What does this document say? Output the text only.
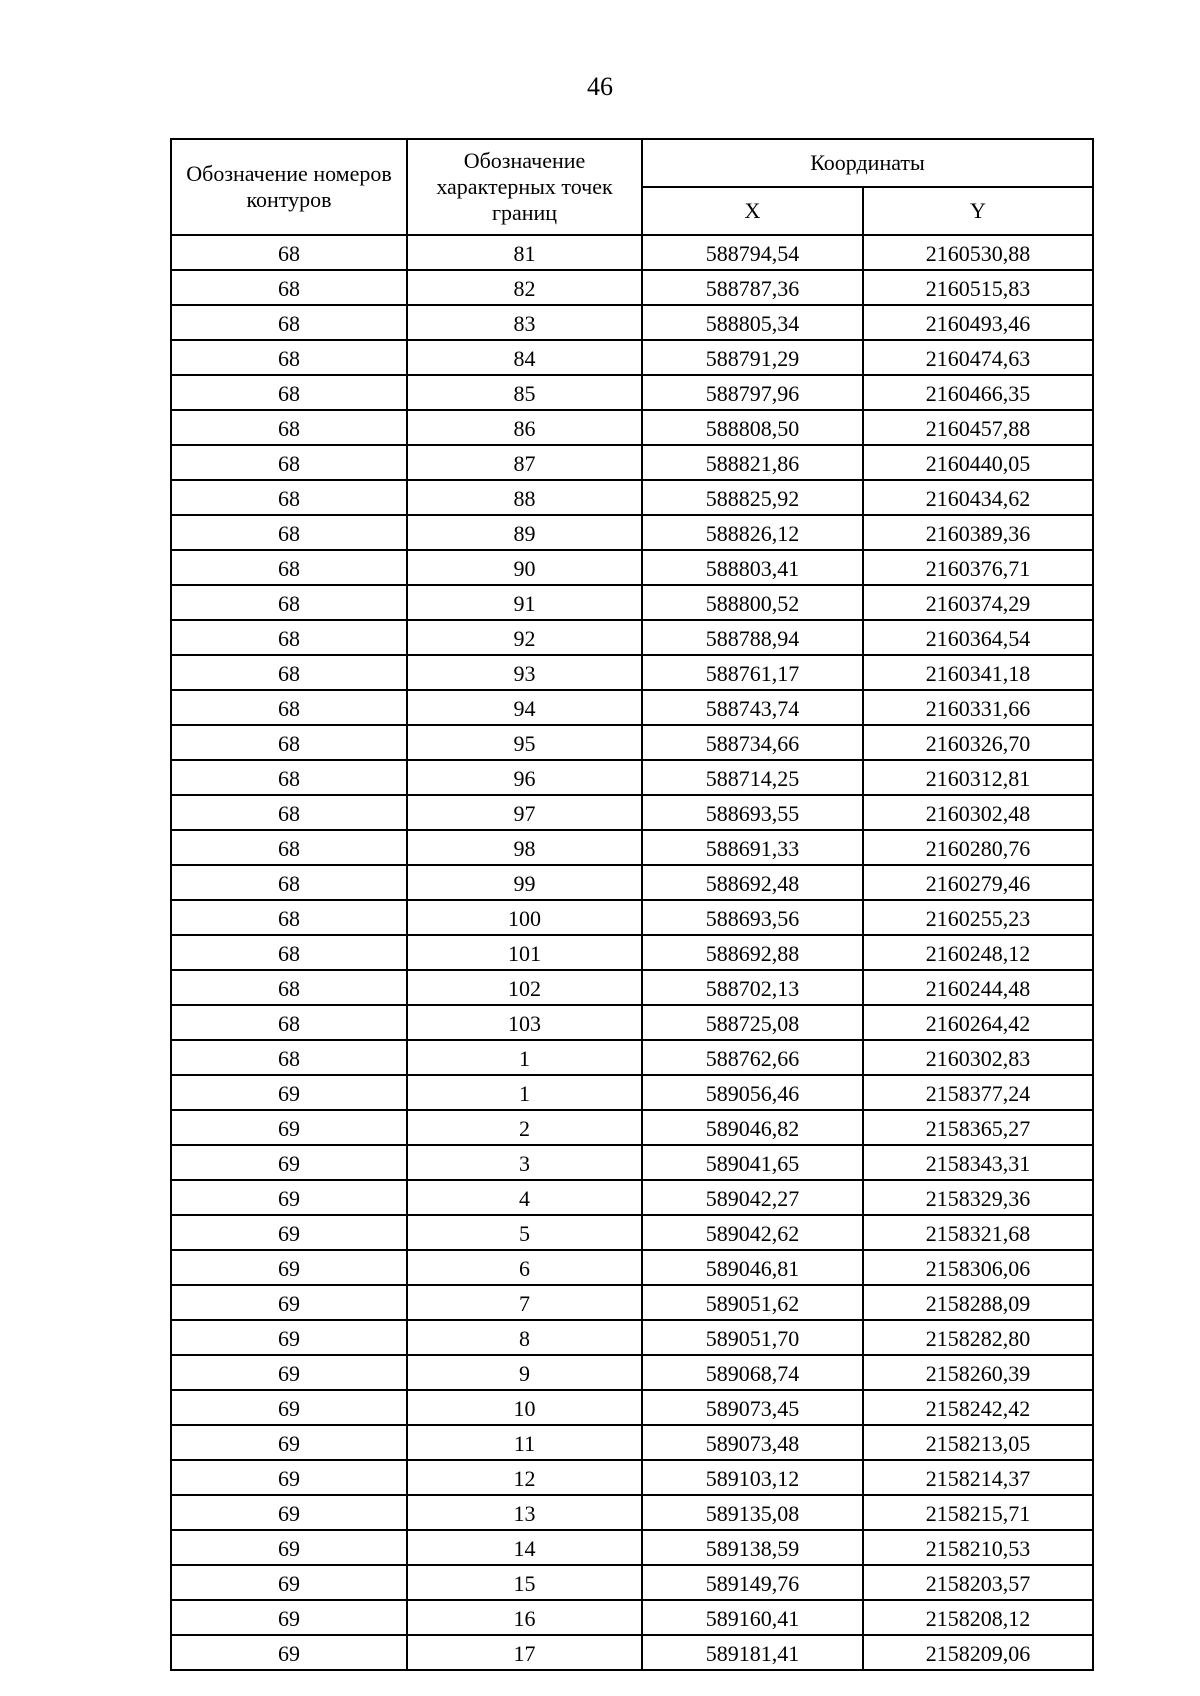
46
Обозначение номеров контуров	Обозначение характерных точек границ	Координаты	
		X	Y
68	81	588794,54	2160530,88
68	82	588787,36	2160515,83
68	83	588805,34	2160493,46
68	84	588791,29	2160474,63
68	85	588797,96	2160466,35
68	86	588808,50	2160457,88
68	87	588821,86	2160440,05
68	88	588825,92	2160434,62
68	89	588826,12	2160389,36
68	90	588803,41	2160376,71
68	91	588800,52	2160374,29
68	92	588788,94	2160364,54
68	93	588761,17	2160341,18
68	94	588743,74	2160331,66
68	95	588734,66	2160326,70
68	96	588714,25	2160312,81
68	97	588693,55	2160302,48
68	98	588691,33	2160280,76
68	99	588692,48	2160279,46
68	100	588693,56	2160255,23
68	101	588692,88	2160248,12
68	102	588702,13	2160244,48
68	103	588725,08	2160264,42
68	1	588762,66	2160302,83
69	1	589056,46	2158377,24
69	2	589046,82	2158365,27
69	3	589041,65	2158343,31
69	4	589042,27	2158329,36
69	5	589042,62	2158321,68
69	6	589046,81	2158306,06
69	7	589051,62	2158288,09
69	8	589051,70	2158282,80
69	9	589068,74	2158260,39
69	10	589073,45	2158242,42
69	11	589073,48	2158213,05
69	12	589103,12	2158214,37
69	13	589135,08	2158215,71
69	14	589138,59	2158210,53
69	15	589149,76	2158203,57
69	16	589160,41	2158208,12
69	17	589181,41	2158209,06
